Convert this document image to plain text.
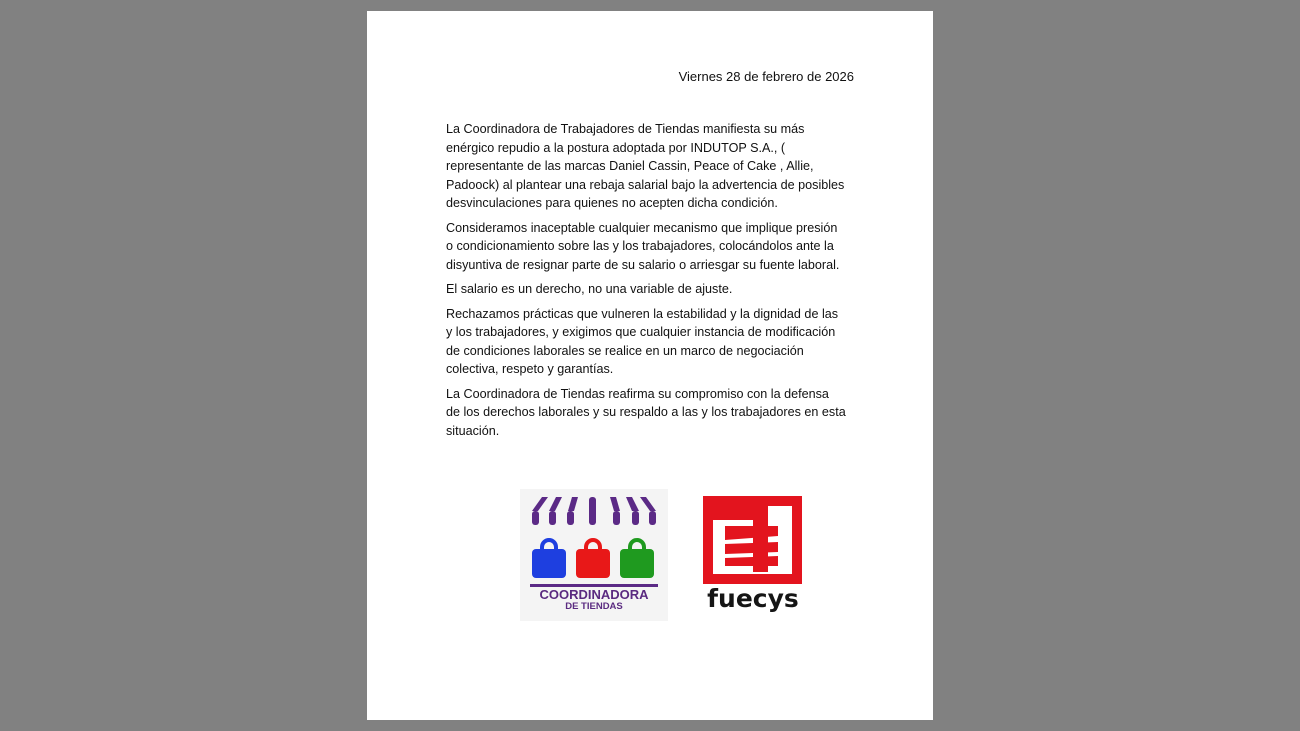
Viernes 28 de febrero de 2026

La Coordinadora de Trabajadores de Tiendas manifiesta su más
enérgico repudio a la postura adoptada por INDUTOP S.A., (
representante de las marcas Daniel Cassin, Peace of Cake , Allie,
Padoock) al plantear una rebaja salarial bajo la advertencia de posibles
desvinculaciones para quienes no acepten dicha condición.

Consideramos inaceptable cualquier mecanismo que implique presión
o condicionamiento sobre las y los trabajadores, colocándolos ante la
disyuntiva de resignar parte de su salario o arriesgar su fuente laboral.

El salario es un derecho, no una variable de ajuste.

Rechazamos prácticas que vulneren la estabilidad y la dignidad de las
y los trabajadores, y exigimos que cualquier instancia de modificación
de condiciones laborales se realice en un marco de negociación
colectiva, respeto y garantías.

La Coordinadora de Tiendas reafirma su compromiso con la defensa
de los derechos laborales y su respaldo a las y los trabajadores en esta
situación.

COORDINADORA
DE TIENDAS	fuecys
